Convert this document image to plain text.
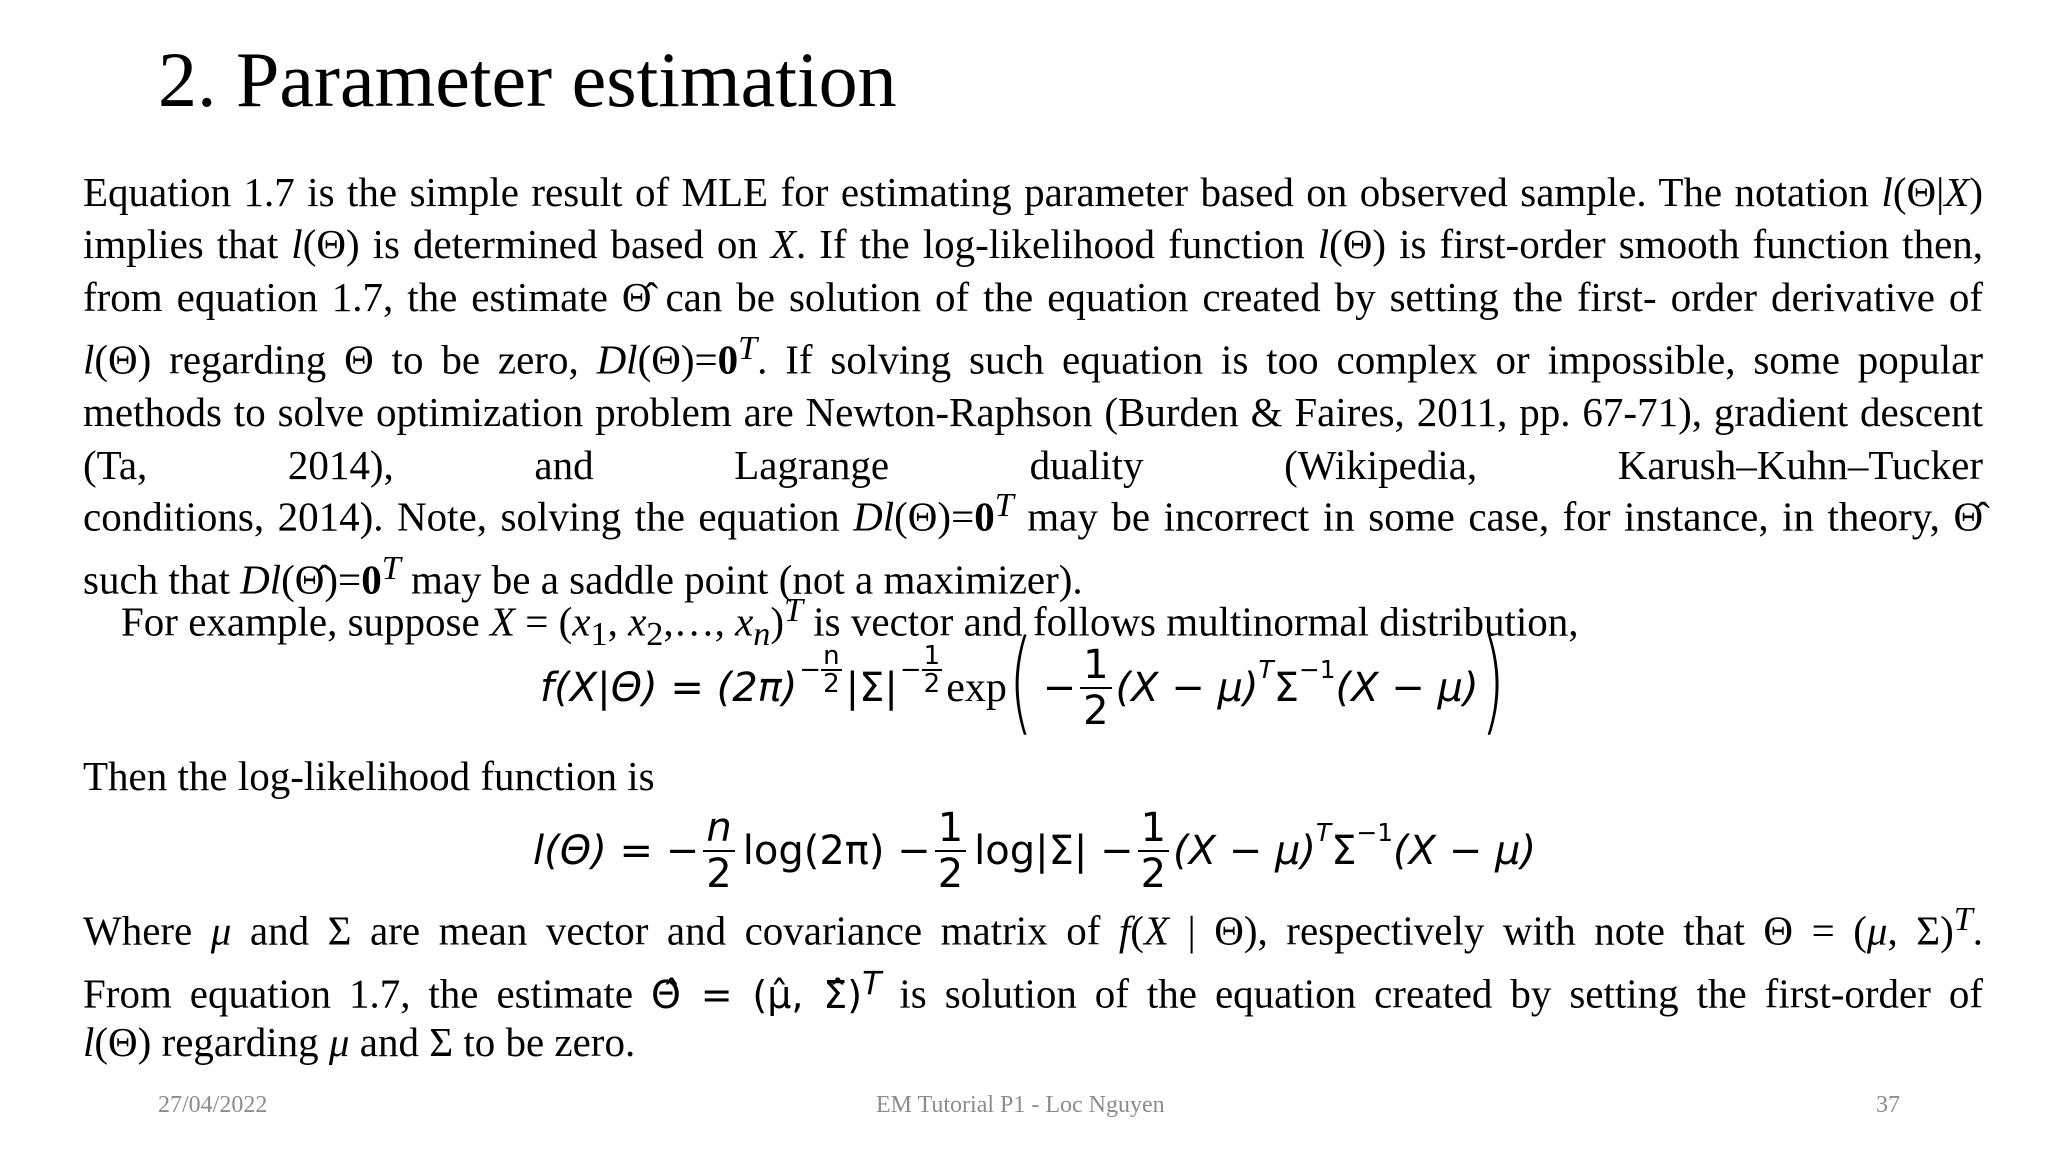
2. Parameter estimation
Equation 1.7 is the simple result of MLE for estimating parameter based on observed sample. The notation l(Θ|X) implies that l(Θ) is determined based on X. If the log-likelihood function l(Θ) is first-order smooth function then, from equation 1.7, the estimate Θ̂ can be solution of the equation created by setting the first- order derivative of l(Θ) regarding Θ to be zero, $Dl(\Theta)=0^T$. If solving such equation is too complex or impossible, some popular methods to solve optimization problem are Newton-Raphson (Burden & Faires, 2011, pp. 67-71), gradient descent (Ta, 2014), and Lagrange duality (Wikipedia, Karush–Kuhn–Tucker
conditions, 2014). Note, solving the equation $Dl(\Theta)=0^T$ may be incorrect in some case, for instance, in theory, Θ̂ such that $Dl(\Thetâ)=0^T$ may be a saddle point (not a maximizer).
For example, suppose $X = (x_1$, $x_2,\dots$, $x_n)^T$ is vector and follows multinormal distribution,
$f(X|\Theta) = (2\pi) - \frac{n}{2} |\Sigma| - \frac{1}{2}$ exp ( − $\frac{1}{2} (X - \mu)$ T Σ −1 (X − μ) )
Then the log-likelihood function is
l(Θ) = − $\frac{n}{2} \log(2\pi) - \frac{1}{2} \log|\Sigma| - \frac{1}{2} (X - \mu)$ T Σ −1 (X − μ)
Where μ and Σ are mean vector and covariance matrix of f(X | Θ), respectively with note that Θ = (μ, Σ)$^T$.
From equation 1.7, the estimate Θ̂ = (μ̂, Σ̂)$^T$ is solution of the equation created by setting the first-order of
l(Θ) regarding μ and Σ to be zero.
27/04/2022	EM Tutorial P1 - Loc Nguyen	37
